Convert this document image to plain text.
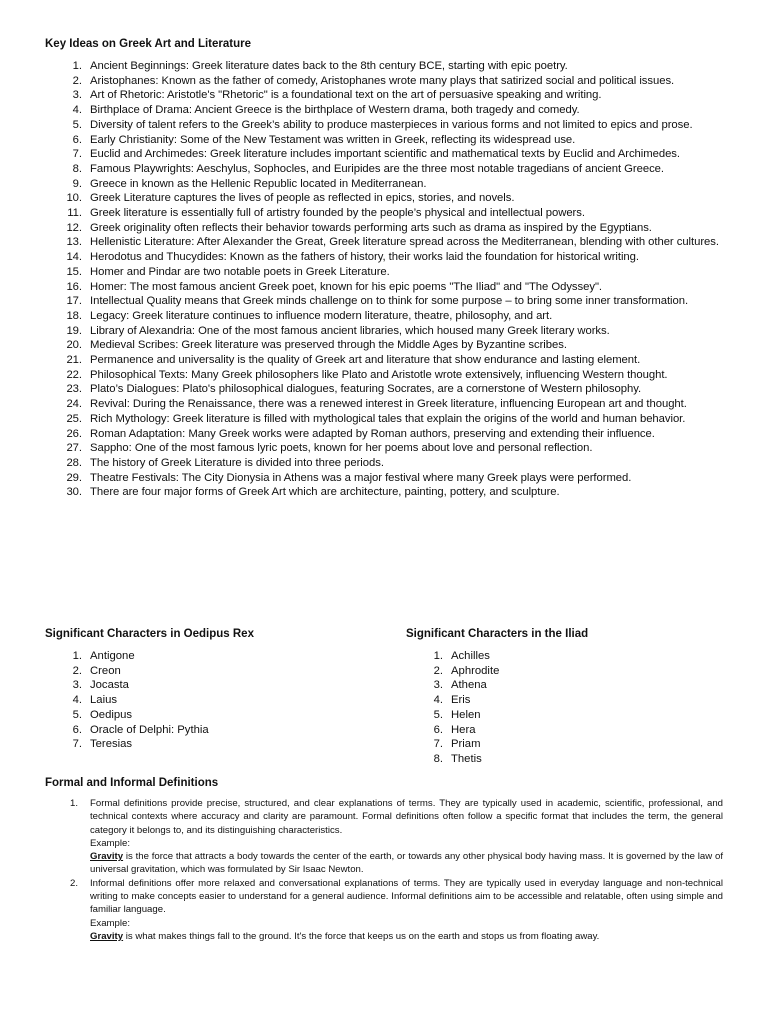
Key Ideas on Greek Art and Literature
1. Ancient Beginnings: Greek literature dates back to the 8th century BCE, starting with epic poetry.
2. Aristophanes: Known as the father of comedy, Aristophanes wrote many plays that satirized social and political issues.
3. Art of Rhetoric: Aristotle's "Rhetoric" is a foundational text on the art of persuasive speaking and writing.
4. Birthplace of Drama: Ancient Greece is the birthplace of Western drama, both tragedy and comedy.
5. Diversity of talent refers to the Greek’s ability to produce masterpieces in various forms and not limited to epics and prose.
6. Early Christianity: Some of the New Testament was written in Greek, reflecting its widespread use.
7. Euclid and Archimedes: Greek literature includes important scientific and mathematical texts by Euclid and Archimedes.
8. Famous Playwrights: Aeschylus, Sophocles, and Euripides are the three most notable tragedians of ancient Greece.
9. Greece in known as the Hellenic Republic located in Mediterranean.
10. Greek Literature captures the lives of people as reflected in epics, stories, and novels.
11. Greek literature is essentially full of artistry founded by the people’s physical and intellectual powers.
12. Greek originality often reflects their behavior towards performing arts such as drama as inspired by the Egyptians.
13. Hellenistic Literature: After Alexander the Great, Greek literature spread across the Mediterranean, blending with other cultures.
14. Herodotus and Thucydides: Known as the fathers of history, their works laid the foundation for historical writing.
15. Homer and Pindar are two notable poets in Greek Literature.
16. Homer: The most famous ancient Greek poet, known for his epic poems "The Iliad" and "The Odyssey".
17. Intellectual Quality means that Greek minds challenge on to think for some purpose – to bring some inner transformation.
18. Legacy: Greek literature continues to influence modern literature, theatre, philosophy, and art.
19. Library of Alexandria: One of the most famous ancient libraries, which housed many Greek literary works.
20. Medieval Scribes: Greek literature was preserved through the Middle Ages by Byzantine scribes.
21. Permanence and universality is the quality of Greek art and literature that show endurance and lasting element.
22. Philosophical Texts: Many Greek philosophers like Plato and Aristotle wrote extensively, influencing Western thought.
23. Plato’s Dialogues: Plato's philosophical dialogues, featuring Socrates, are a cornerstone of Western philosophy.
24. Revival: During the Renaissance, there was a renewed interest in Greek literature, influencing European art and thought.
25. Rich Mythology: Greek literature is filled with mythological tales that explain the origins of the world and human behavior.
26. Roman Adaptation: Many Greek works were adapted by Roman authors, preserving and extending their influence.
27. Sappho: One of the most famous lyric poets, known for her poems about love and personal reflection.
28. The history of Greek Literature is divided into three periods.
29. Theatre Festivals: The City Dionysia in Athens was a major festival where many Greek plays were performed.
30. There are four major forms of Greek Art which are architecture, painting, pottery, and sculpture.
Significant Characters in Oedipus Rex
1. Antigone
2. Creon
3. Jocasta
4. Laius
5. Oedipus
6. Oracle of Delphi: Pythia
7. Teresias
Significant Characters in the Iliad
1. Achilles
2. Aphrodite
3. Athena
4. Eris
5. Helen
6. Hera
7. Priam
8. Thetis
Formal and Informal Definitions
1. Formal definitions provide precise, structured, and clear explanations of terms. They are typically used in academic, scientific, professional, and technical contexts where accuracy and clarity are paramount. Formal definitions often follow a specific format that includes the term, the general category it belongs to, and its distinguishing characteristics.
Example:
Gravity is the force that attracts a body towards the center of the earth, or towards any other physical body having mass. It is governed by the law of universal gravitation, which was formulated by Sir Isaac Newton.
2. Informal definitions offer more relaxed and conversational explanations of terms. They are typically used in everyday language and non-technical writing to make concepts easier to understand for a general audience. Informal definitions aim to be accessible and relatable, often using simple and familiar language.
Example:
Gravity is what makes things fall to the ground. It's the force that keeps us on the earth and stops us from floating away.
